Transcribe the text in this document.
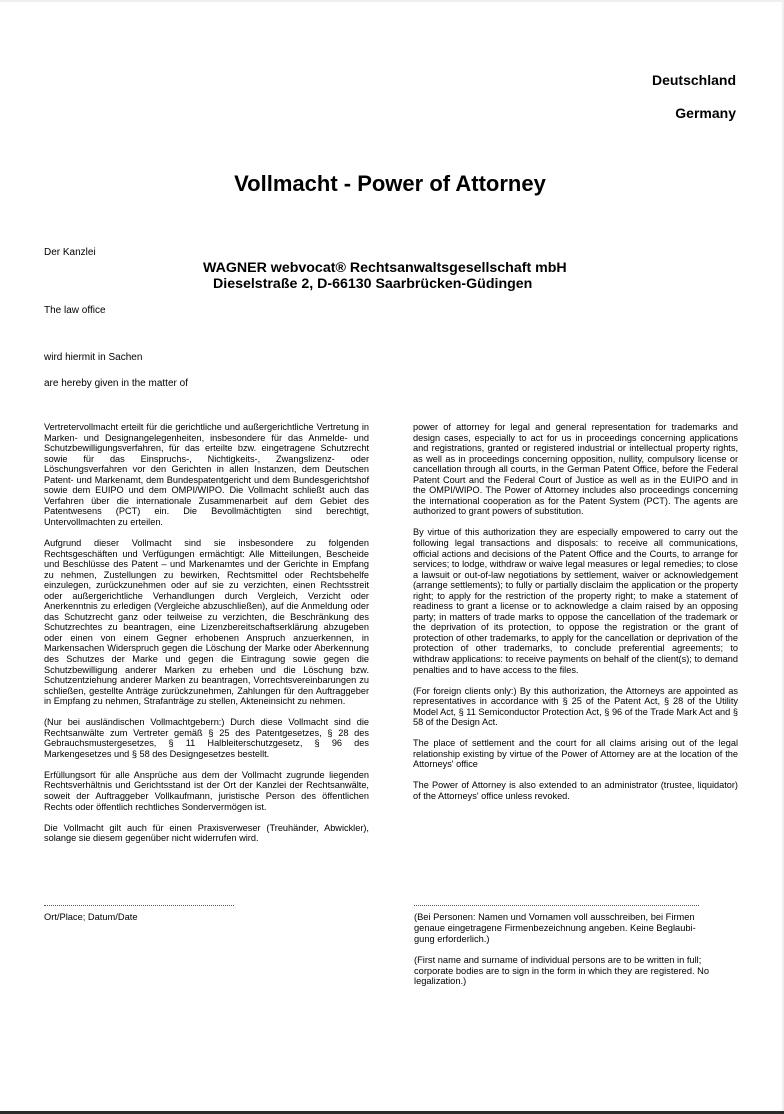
Deutschland
Germany
Vollmacht - Power of Attorney
Der Kanzlei
WAGNER webvocat® Rechtsanwaltsgesellschaft mbH
Dieselstraße 2, D-66130 Saarbrücken-Güdingen
The law office
wird hiermit in Sachen
are hereby given in the matter of

Vertretervollmacht erteilt für die gerichtliche und außergerichtliche Vertretung in Marken- und Designangelegenheiten, insbesondere für das Anmelde- und Schutzbewilligungsverfahren, für das erteilte bzw. eingetragene Schutzrecht sowie für das Einspruchs-, Nichtigkeits-, Zwangslizenz- oder Löschungsverfahren vor den Gerichten in allen Instanzen, dem Deutschen Patent- und Markenamt, dem Bundespatentgericht und dem Bundesgerichtshof sowie dem EUIPO und dem OMPI/WIPO. Die Vollmacht schließt auch das Verfahren über die internationale Zusammenarbeit auf dem Gebiet des Patentwesens (PCT) ein. Die Bevollmächtigten sind berechtigt, Untervollmachten zu erteilen.

Aufgrund dieser Vollmacht sind sie insbesondere zu folgenden Rechtsgeschäften und Verfügungen ermächtigt: Alle Mitteilungen, Bescheide und Beschlüsse des Patent – und Markenamtes und der Gerichte in Empfang zu nehmen, Zustellungen zu bewirken, Rechtsmittel oder Rechtsbehelfe einzulegen, zurückzunehmen oder auf sie zu verzichten, einen Rechtsstreit oder außergerichtliche Verhandlungen durch Vergleich, Verzicht oder Anerkenntnis zu erledigen (Vergleiche abzuschließen), auf die Anmeldung oder das Schutzrecht ganz oder teilweise zu verzichten, die Beschränkung des Schutzrechtes zu beantragen, eine Lizenzbereitschaftserklärung abzugeben oder einen von einem Gegner erhobenen Anspruch anzuerkennen, in Markensachen Widerspruch gegen die Löschung der Marke oder Aberkennung des Schutzes der Marke und gegen die Eintragung sowie gegen die Schutzbewilligung anderer Marken zu erheben und die Löschung bzw. Schutzentziehung anderer Marken zu beantragen, Vorrechtsvereinbarungen zu schließen, gestellte Anträge zurückzunehmen, Zahlungen für den Auftraggeber in Empfang zu nehmen, Strafanträge zu stellen, Akteneinsicht zu nehmen.

(Nur bei ausländischen Vollmachtgebern:) Durch diese Vollmacht sind die Rechtsanwälte zum Vertreter gemäß § 25 des Patentgesetzes, § 28 des Gebrauchsmustergesetzes, § 11 Halbleiterschutzgesetz, § 96 des Markengesetzes und § 58 des Designgesetzes bestellt.

Erfüllungsort für alle Ansprüche aus dem der Vollmacht zugrunde liegenden Rechtsverhältnis und Gerichtsstand ist der Ort der Kanzlei der Rechtsanwälte, soweit der Auftraggeber Vollkaufmann, juristische Person des öffentlichen Rechts oder öffentlich rechtliches Sondervermögen ist.

Die Vollmacht gilt auch für einen Praxisverweser (Treuhänder, Abwickler), solange sie diesem gegenüber nicht widerrufen wird.

power of attorney for legal and general representation for trademarks and design cases, especially to act for us in proceedings concerning applications and registrations, granted or registered industrial or intellectual property rights, as well as in proceedings concerning opposition, nullity, compulsory license or cancellation through all courts, in the German Patent Office, before the Federal Patent Court and the Federal Court of Justice as well as in the EUIPO and in the OMPI/WIPO. The Power of Attorney includes also proceedings concerning the international cooperation as for the Patent System (PCT). The agents are authorized to grant powers of substitution.

By virtue of this authorization they are especially empowered to carry out the following legal transactions and disposals: to receive all communications, official actions and decisions of the Patent Office and the Courts, to arrange for services; to lodge, withdraw or waive legal measures or legal remedies; to close a lawsuit or out-of-law negotiations by settlement, waiver or acknowledgement (arrange settlements); to fully or partially disclaim the application or the property right; to apply for the restriction of the property right; to make a statement of readiness to grant a license or to acknowledge a claim raised by an opposing party; in matters of trade marks to oppose the cancellation of the trademark or the deprivation of its protection, to oppose the registration or the grant of protection of other trademarks, to apply for the cancellation or deprivation of the protection of other trademarks, to conclude preferential agreements; to withdraw applications: to receive payments on behalf of the client(s); to demand penalties and to have access to the files.

(For foreign clients only:) By this authorization, the Attorneys are appointed as representatives in accordance with § 25 of the Patent Act, § 28 of the Utility Model Act, § 11 Semiconductor Protection Act, § 96 of the Trade Mark Act and § 58 of the Design Act.

The place of settlement and the court for all claims arising out of the legal relationship existing by virtue of the Power of Attorney are at the location of the Attorneys' office

The Power of Attorney is also extended to an administrator (trustee, liquidator) of the Attorneys' office unless revoked.

Ort/Place; Datum/Date	(Bei Personen: Namen und Vornamen voll ausschreiben, bei Firmen genaue eingetragene Firmenbezeichnung angeben. Keine Beglaubi-gung erforderlich.)

(First name and surname of individual persons are to be written in full; corporate bodies are to sign in the form in which they are registered. No legalization.)
